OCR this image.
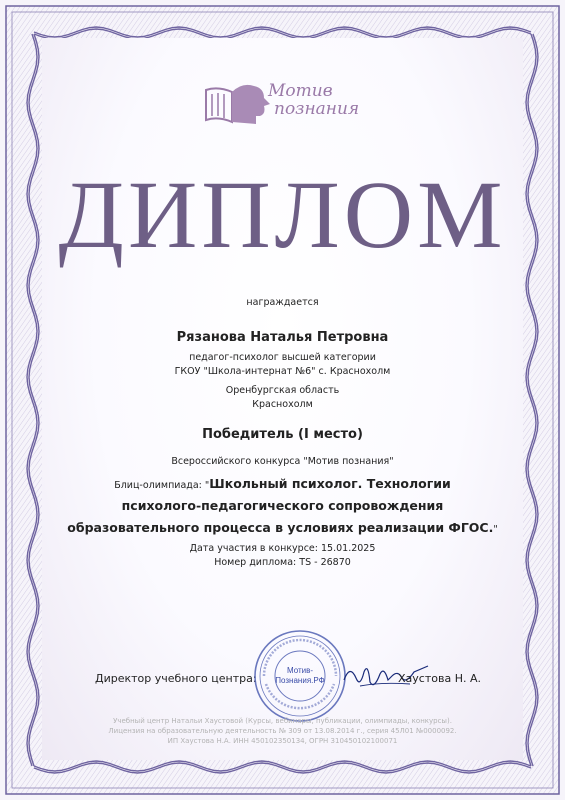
Мотив
познания
ДИПЛОМ
награждается
Рязанова Наталья Петровна
педагог-психолог высшей категории
ГКОУ "Школа-интернат №6" с. Краснохолм
Оренбургская область
Краснохолм
Победитель (I место)
Всероссийского конкурса "Мотив познания"
Блиц-олимпиада: "Школьный психолог. Технологии
психолого-педагогического сопровождения
образовательного процесса в условиях реализации ФГОС."
Дата участия в конкурсе: 15.01.2025
Номер диплома: TS - 26870
Директор учебного центра:
Мотив-
Познания.РФ	Хаустова Н. А.
Учебный центр Натальи Хаустовой (Курсы, вебинары, публикации, олимпиады, конкурсы).
Лицензия на образовательную деятельность № 309 от 13.08.2014 г., серия 45Л01 №0000092.
ИП Хаустова Н.А. ИНН 450102350134, ОГРН 310450102100071
